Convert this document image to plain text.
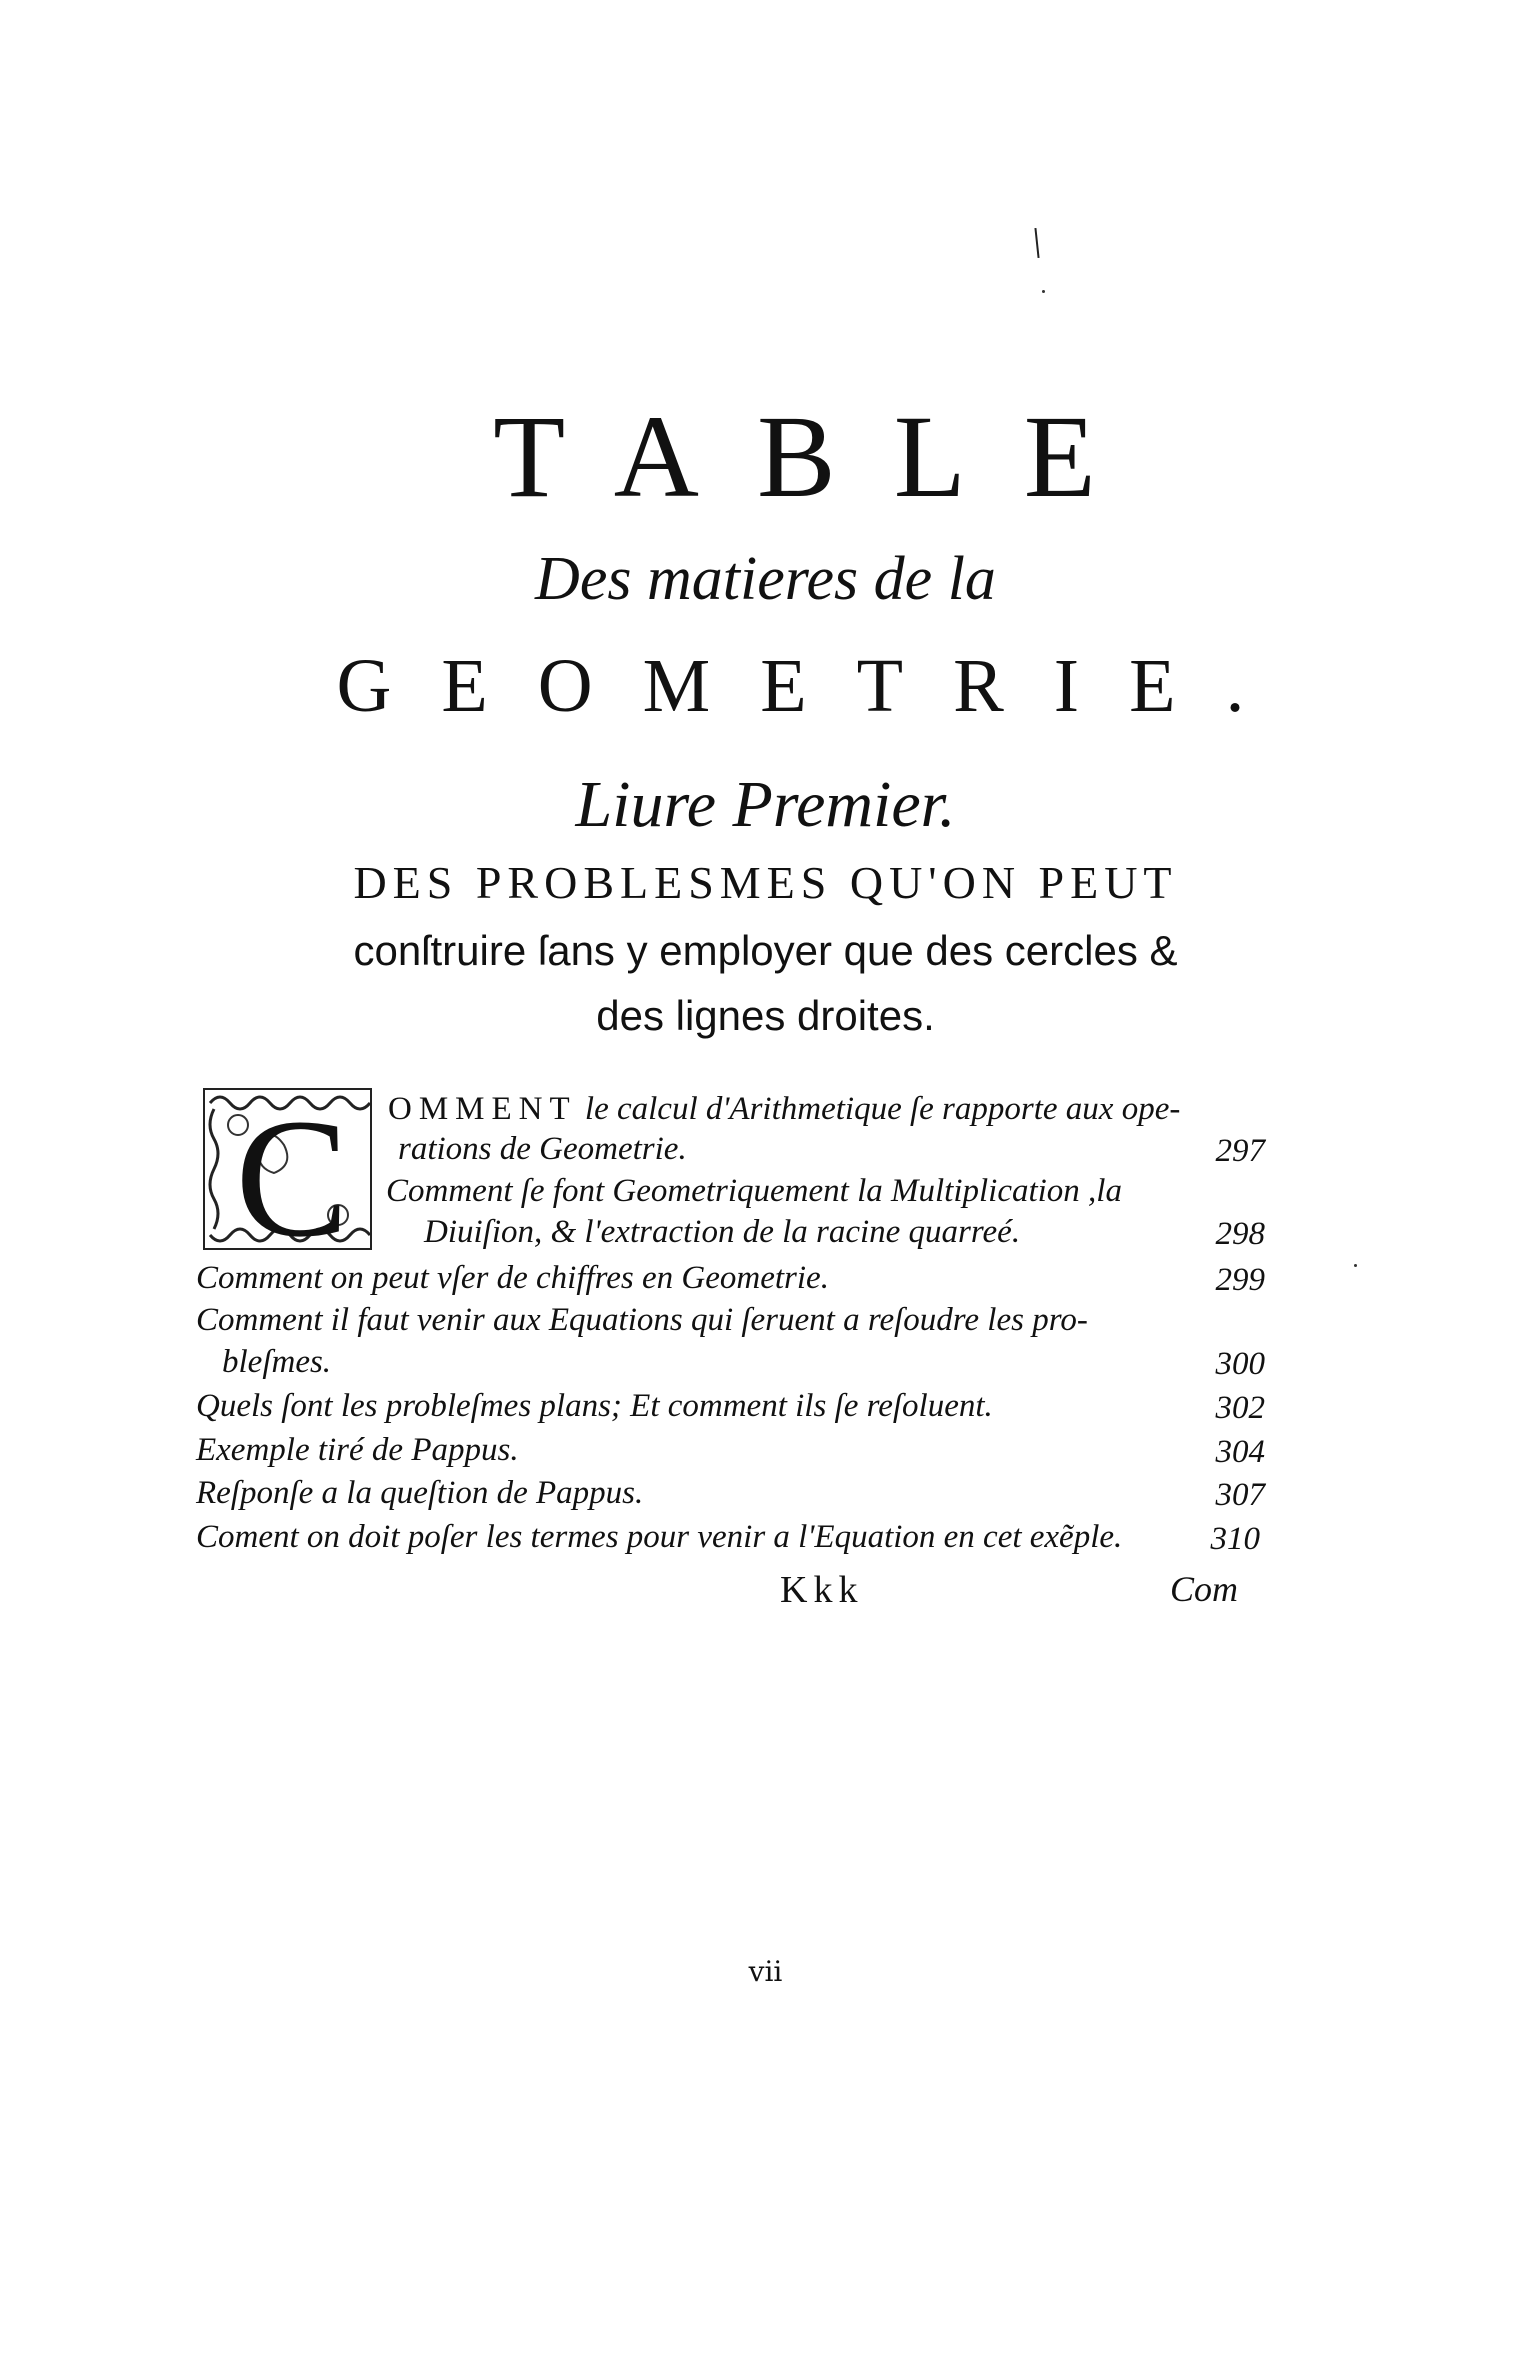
TABLE
Des matieres de la
GEOMETRIE.
Liure Premier.
DES PROBLESMES QU'ON PEUT
conſtruire ſans y employer que des cercles &
des lignes droites.
C OMMENT le calcul d'Arithmetique ſe rapporte aux ope-
rations de Geometrie.	297
Comment ſe font Geometriquement la Multiplication ,la
Diuiſion, & l'extraction de la racine quarreé.	298
Comment on peut vſer de chiffres en Geometrie.	299
Comment il faut venir aux Equations qui ſeruent a reſoudre les pro-
bleſmes.	300
Quels ſont les probleſmes plans; Et comment ils ſe reſoluent.	302
Exemple tiré de Pappus.	304
Reſponſe a la queſtion de Pappus.	307
Coment on doit poſer les termes pour venir a l'Equation en cet exẽple.	310
Kkk	Com
vii
